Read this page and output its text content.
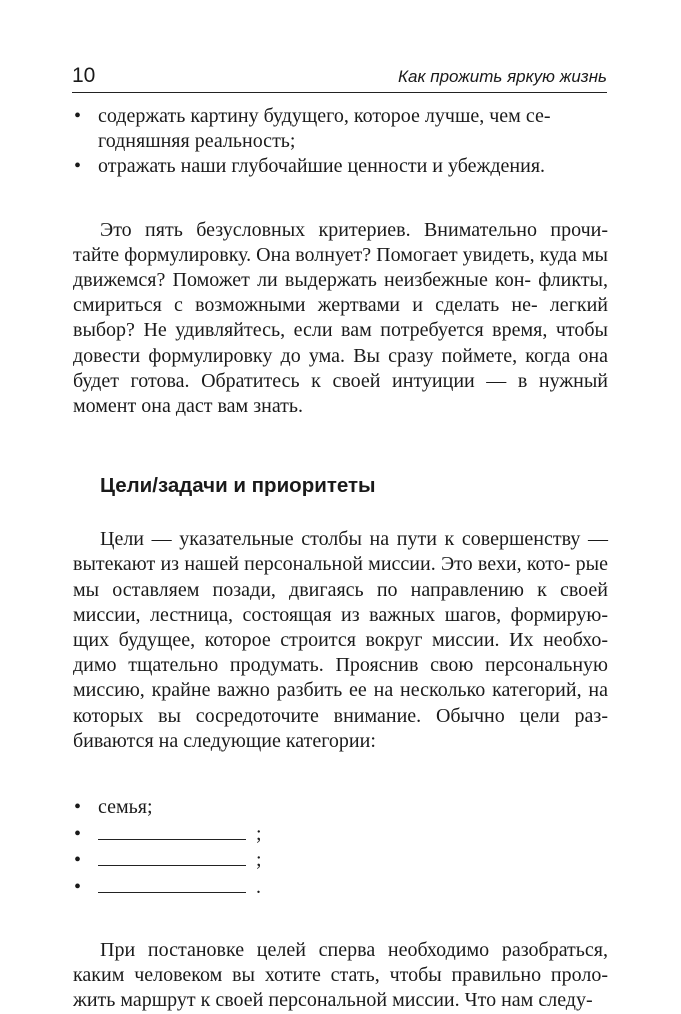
10	Как прожить яркую жизнь
• содержать картину будущего, которое лучше, чем се- годняшняя реальность;
• отражать наши глубочайшие ценности и убеждения.

Это пять безусловных критериев. Внимательно прочи- тайте формулировку. Она волнует? Помогает увидеть, куда мы движемся? Поможет ли выдержать неизбежные кон- фликты, смириться с возможными жертвами и сделать не- легкий выбор? Не удивляйтесь, если вам потребуется время, чтобы довести формулировку до ума. Вы сразу поймете, когда она будет готова. Обратитесь к своей интуиции — в нужный момент она даст вам знать.

Цели/задачи и приоритеты

Цели — указательные столбы на пути к совершенству — вытекают из нашей персональной миссии. Это вехи, кото- рые мы оставляем позади, двигаясь по направлению к своей миссии, лестница, состоящая из важных шагов, формирую- щих будущее, которое строится вокруг миссии. Их необхо- димо тщательно продумать. Прояснив свою персональную миссию, крайне важно разбить ее на несколько категорий, на которых вы сосредоточите внимание. Обычно цели раз- биваются на следующие категории:

• семья;
•	;
•	;
•	.

При постановке целей сперва необходимо разобраться, каким человеком вы хотите стать, чтобы правильно проло- жить маршрут к своей персональной миссии. Что нам следу-
